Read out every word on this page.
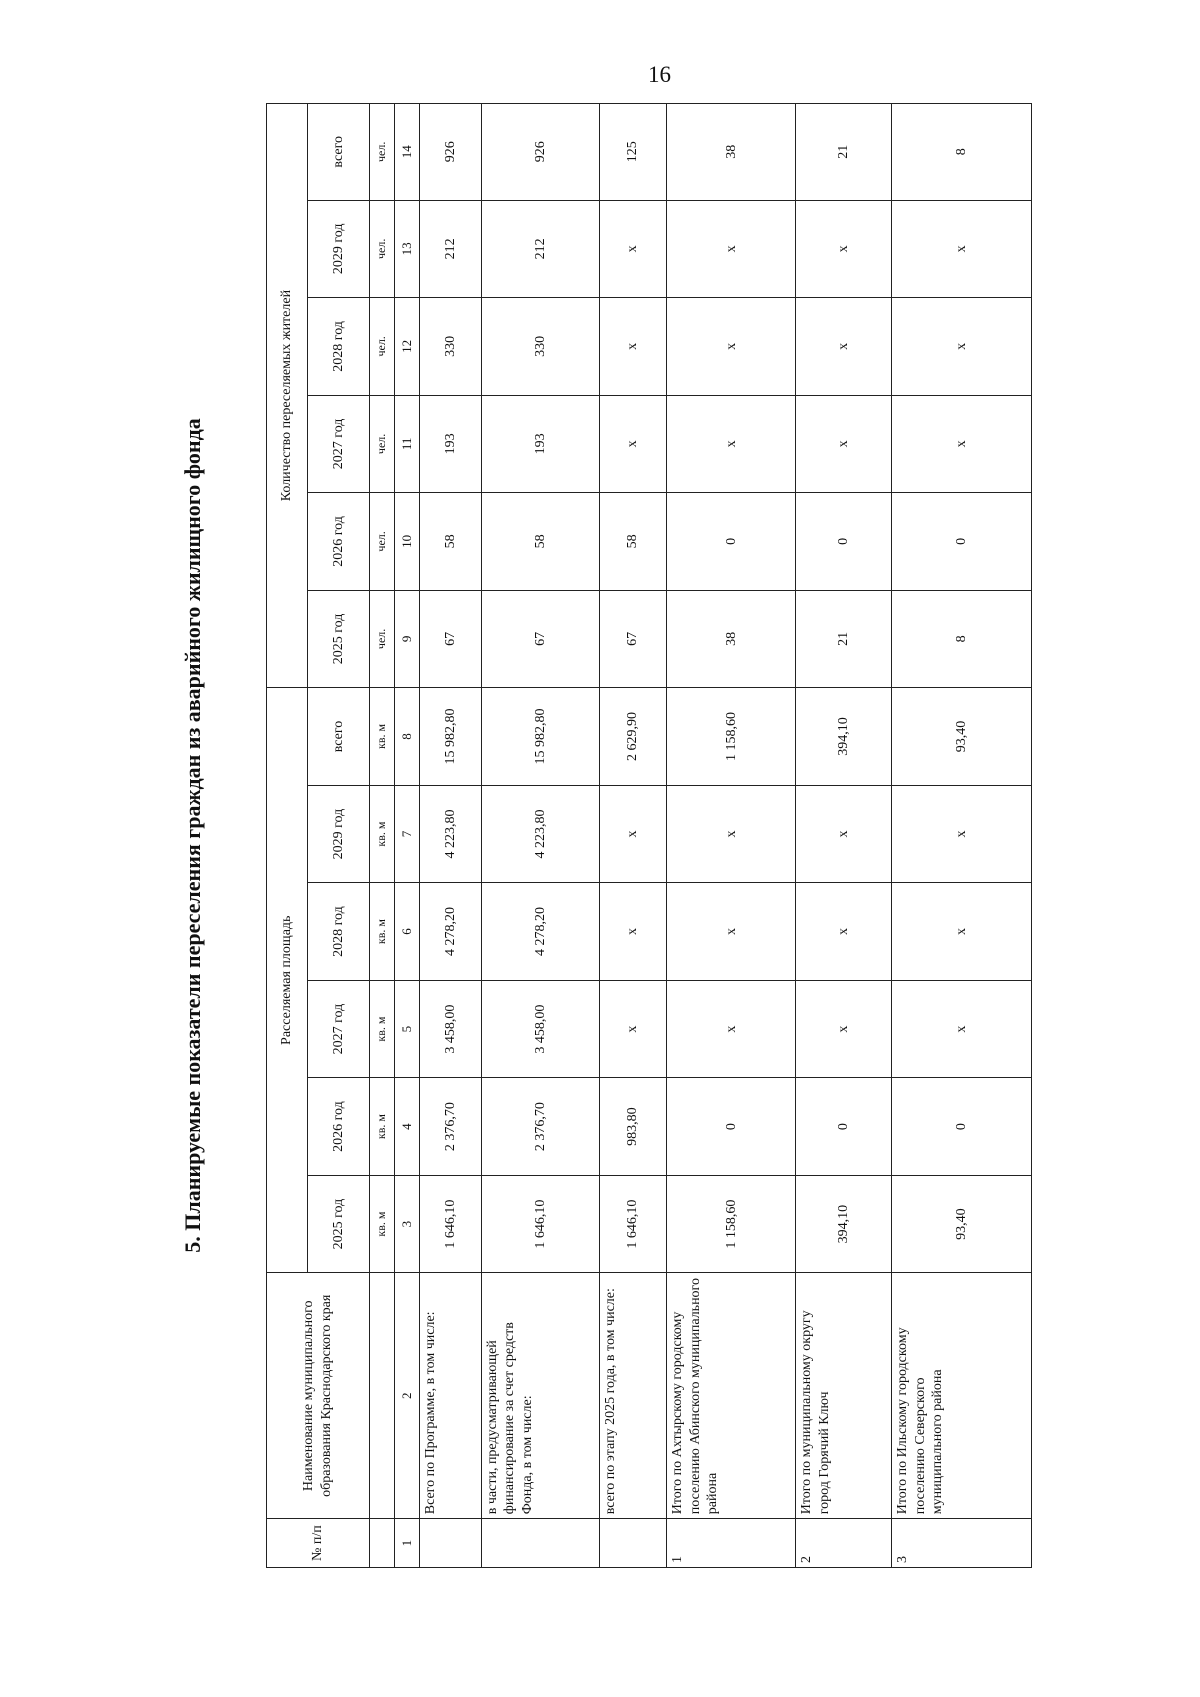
16
5. Планируемые показатели переселения граждан из аварийного жилищного фонда
№ п/п	Наименование муниципального образования Краснодарского края	Расселяемая площадь						Количество переселяемых жителей					
		2025 год	2026 год	2027 год	2028 год	2029 год	всего	2025 год	2026 год	2027 год	2028 год	2029 год	всего
		кв. м	кв. м	кв. м	кв. м	кв. м	кв. м	чел.	чел.	чел.	чел.	чел.	чел.
1	2	3	4	5	6	7	8	9	10	11	12	13	14
	Всего по Программе, в том числе:	1 646,10	2 376,70	3 458,00	4 278,20	4 223,80	15 982,80	67	58	193	330	212	926
	в части, предусматривающей финансирование за счет средств Фонда, в том числе:	1 646,10	2 376,70	3 458,00	4 278,20	4 223,80	15 982,80	67	58	193	330	212	926
	всего по этапу 2025 года, в том числе:	1 646,10	983,80	x	x	x	2 629,90	67	58	x	x	x	125
1	Итого по Ахтырскому городскому поселению Абинского муниципального района	1 158,60	0	x	x	x	1 158,60	38	0	x	x	x	38
2	Итого по муниципальному округу город Горячий Ключ	394,10	0	x	x	x	394,10	21	0	x	x	x	21
3	Итого по Ильскому городскому поселению Северского муниципального района	93,40	0	x	x	x	93,40	8	0	x	x	x	8
